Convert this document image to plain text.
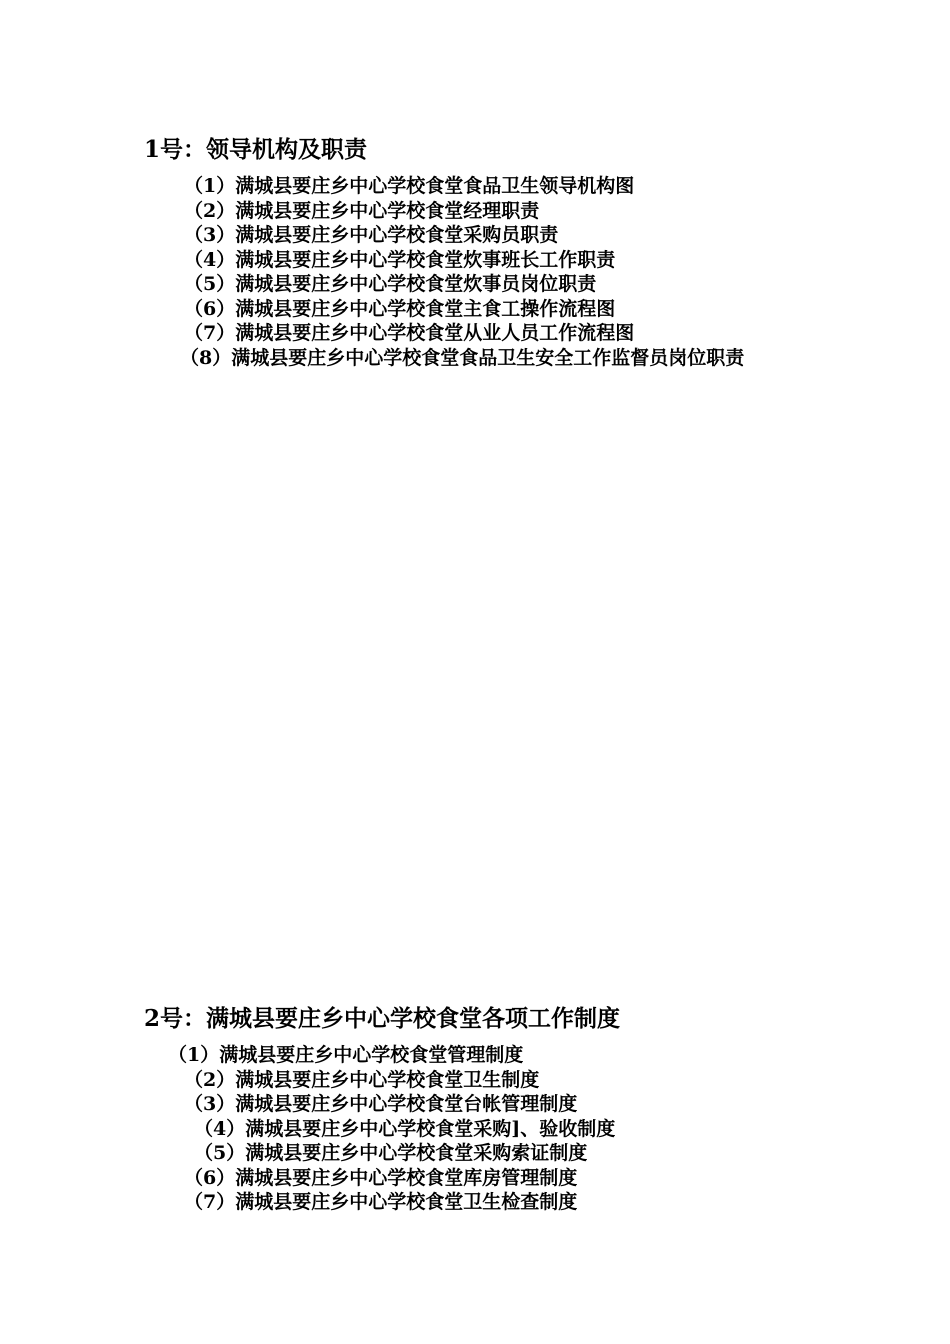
1号：领导机构及职责
（1）满城县要庄乡中心学校食堂食品卫生领导机构图
（2）满城县要庄乡中心学校食堂经理职责
（3）满城县要庄乡中心学校食堂采购员职责
（4）满城县要庄乡中心学校食堂炊事班长工作职责
（5）满城县要庄乡中心学校食堂炊事员岗位职责
（6）满城县要庄乡中心学校食堂主食工操作流程图
（7）满城县要庄乡中心学校食堂从业人员工作流程图
（8）满城县要庄乡中心学校食堂食品卫生安全工作监督员岗位职责
2号：满城县要庄乡中心学校食堂各项工作制度
（1）满城县要庄乡中心学校食堂管理制度
（2）满城县要庄乡中心学校食堂卫生制度
（3）满城县要庄乡中心学校食堂台帐管理制度
（4）满城县要庄乡中心学校食堂采购]、验收制度
（5）满城县要庄乡中心学校食堂采购索证制度
（6）满城县要庄乡中心学校食堂库房管理制度
（7）满城县要庄乡中心学校食堂卫生检查制度
